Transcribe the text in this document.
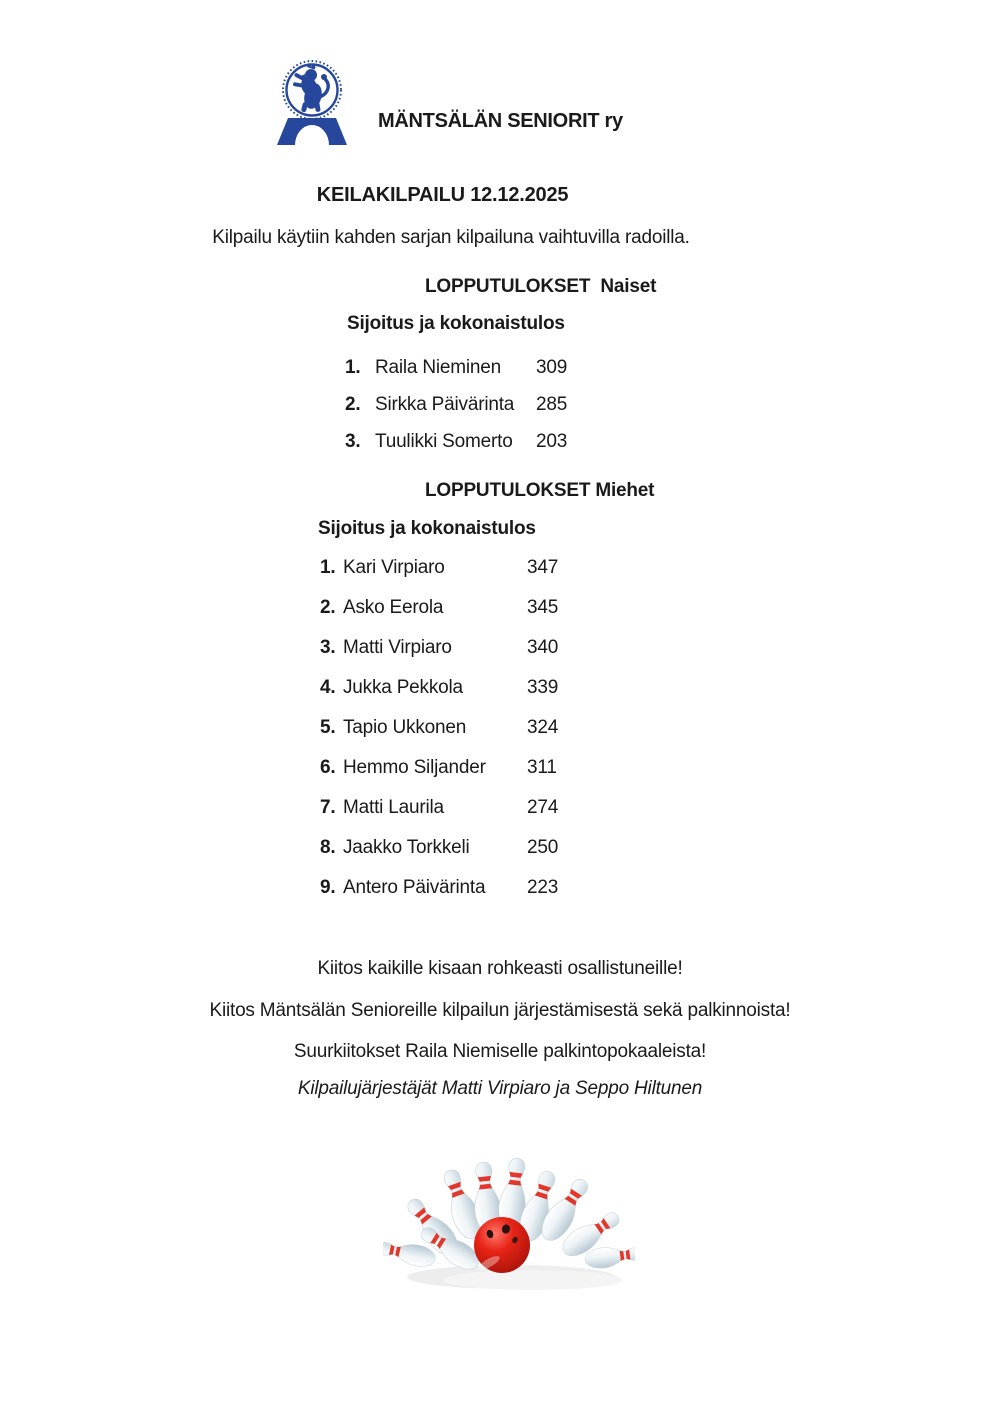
MÄNTSÄLÄN SENIORIT ry
KEILAKILPAILU 12.12.2025
Kilpailu käytiin kahden sarjan kilpailuna vaihtuvilla radoilla.
LOPPUTULOKSET  Naiset
Sijoitus ja kokonaistulos
1. Raila Nieminen	309
2. Sirkka Päivärinta	285
3. Tuulikki Somerto	203
LOPPUTULOKSET Miehet
Sijoitus ja kokonaistulos
1. Kari Virpiaro	347
2. Asko Eerola	345
3. Matti Virpiaro	340
4. Jukka Pekkola	339
5. Tapio Ukkonen	324
6. Hemmo Siljander	311
7. Matti Laurila	274
8. Jaakko Torkkeli	250
9. Antero Päivärinta	223
Kiitos kaikille kisaan rohkeasti osallistuneille!
Kiitos Mäntsälän Senioreille kilpailun järjestämisestä sekä palkinnoista!
Suurkiitokset Raila Niemiselle palkintopokaaleista!
Kilpailujärjestäjät Matti Virpiaro ja Seppo Hiltunen
